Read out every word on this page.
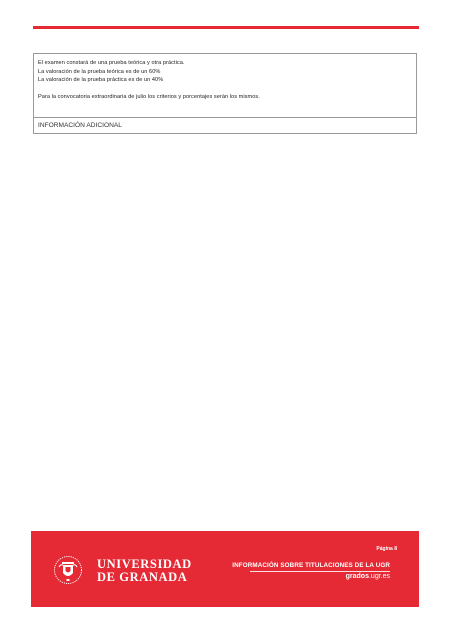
El examen constará de una prueba teórica y otra práctica.
La valoración de la prueba teórica es de un 60%
La valoración de la prueba práctica es de un 40%
Para la convocatoria extraordinaria de julio los criterios y porcentajes serán los mismos.
INFORMACIÓN ADICIONAL
UNIVERSIDAD
DE GRANADA
Página 8
INFORMACIÓN SOBRE TITULACIONES DE LA UGR
grados.ugr.es
